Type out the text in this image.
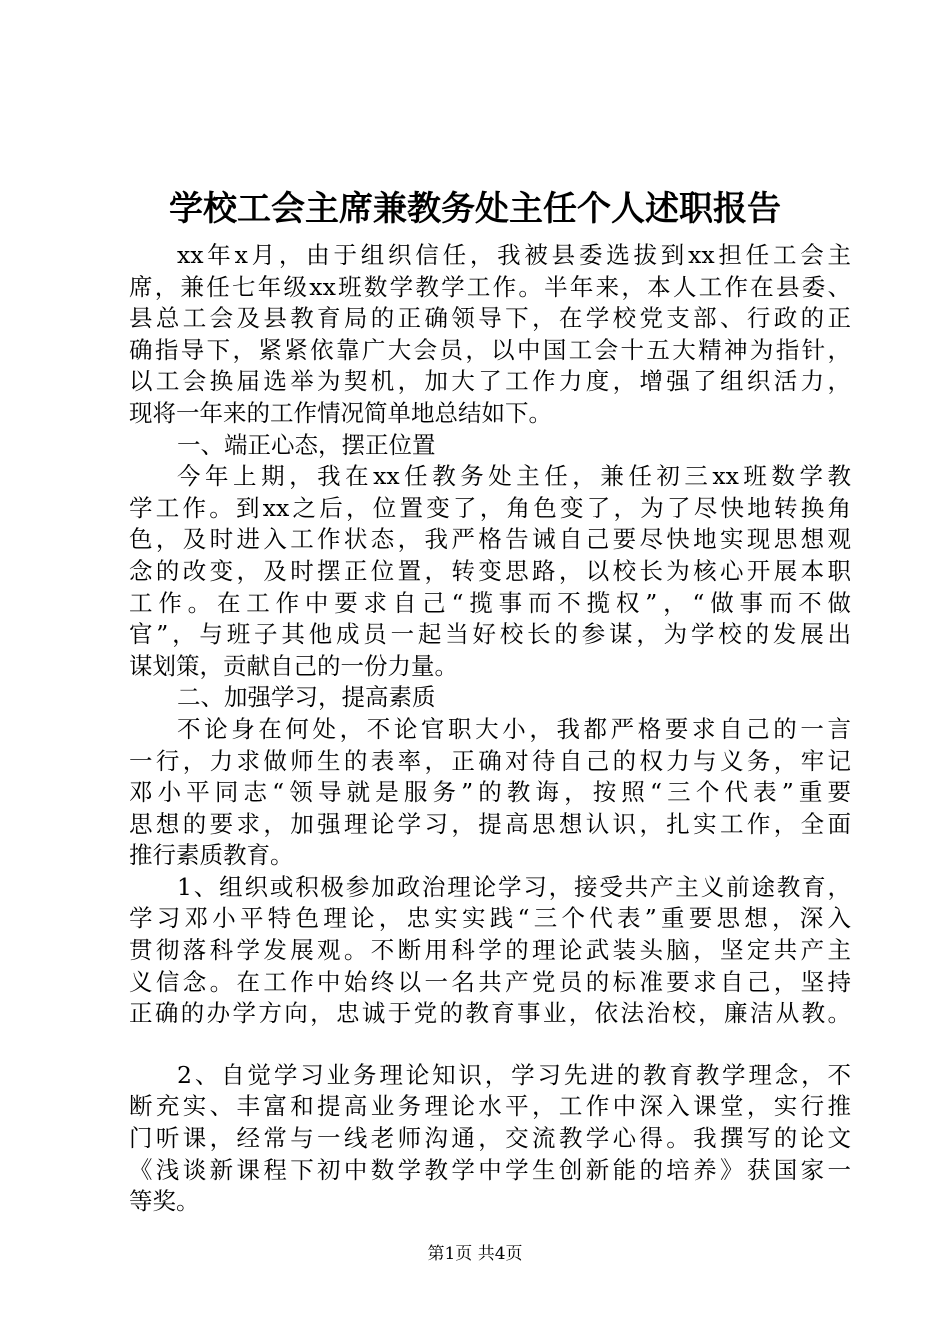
学校工会主席兼教务处主任个人述职报告
xx年x月，由于组织信任，我被县委选拔到xx担任工会主
席，兼任七年级xx班数学教学工作。半年来，本人工作在县委、
县总工会及县教育局的正确领导下，在学校党支部、行政的正
确指导下，紧紧依靠广大会员，以中国工会十五大精神为指针，
以工会换届选举为契机，加大了工作力度，增强了组织活力，
现将一年来的工作情况简单地总结如下。
一、端正心态，摆正位置
今年上期，我在xx任教务处主任，兼任初三xx班数学教
学工作。到xx之后，位置变了，角色变了，为了尽快地转换角
色，及时进入工作状态，我严格告诫自己要尽快地实现思想观
念的改变，及时摆正位置，转变思路，以校长为核心开展本职
工作。在工作中要求自己“揽事而不揽权”，“做事而不做
官”，与班子其他成员一起当好校长的参谋，为学校的发展出
谋划策，贡献自己的一份力量。
二、加强学习，提高素质
不论身在何处，不论官职大小，我都严格要求自己的一言
一行，力求做师生的表率，正确对待自己的权力与义务，牢记
邓小平同志“领导就是服务”的教诲，按照“三个代表”重要
思想的要求，加强理论学习，提高思想认识，扎实工作，全面
推行素质教育。
1、组织或积极参加政治理论学习，接受共产主义前途教育，
学习邓小平特色理论，忠实实践“三个代表”重要思想，深入
贯彻落科学发展观。不断用科学的理论武装头脑，坚定共产主
义信念。在工作中始终以一名共产党员的标准要求自己，坚持
正确的办学方向，忠诚于党的教育事业，依法治校，廉洁从教。
2、自觉学习业务理论知识，学习先进的教育教学理念，不
断充实、丰富和提高业务理论水平，工作中深入课堂，实行推
门听课，经常与一线老师沟通，交流教学心得。我撰写的论文
《浅谈新课程下初中数学教学中学生创新能的培养》获国家一
等奖。
第1页 共4页
